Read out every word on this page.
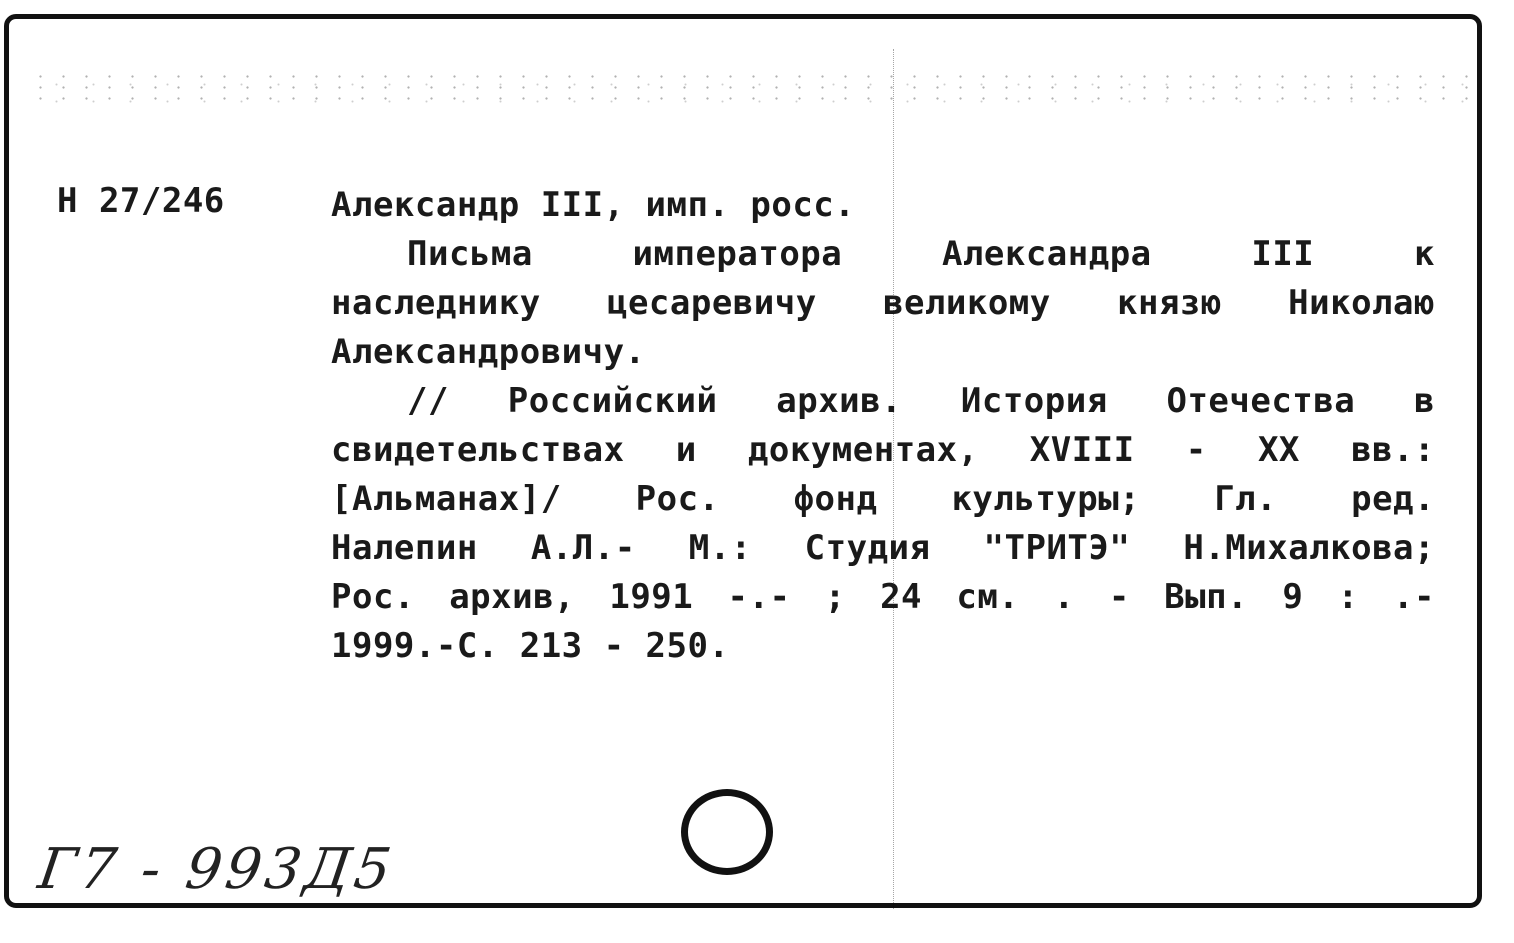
Н 27/246	Александр III, имп. росс.
Письма	императора	Александра	III	к
наследнику цесаревичу великому князю Николаю
Александровичу.
// Российский архив. История Отечества в
свидетельствах и документах, XVIII - XX вв.:
[Альманах]/ Рос. фонд культуры; Гл. ред.
Налепин А.Л.- М.: Студия "ТРИТЭ" Н.Михалкова;
Рос. архив, 1991 -.- ; 24 см. . - Вып. 9 : .-
1999.-С. 213 - 250.
Г7 - 993Д5
